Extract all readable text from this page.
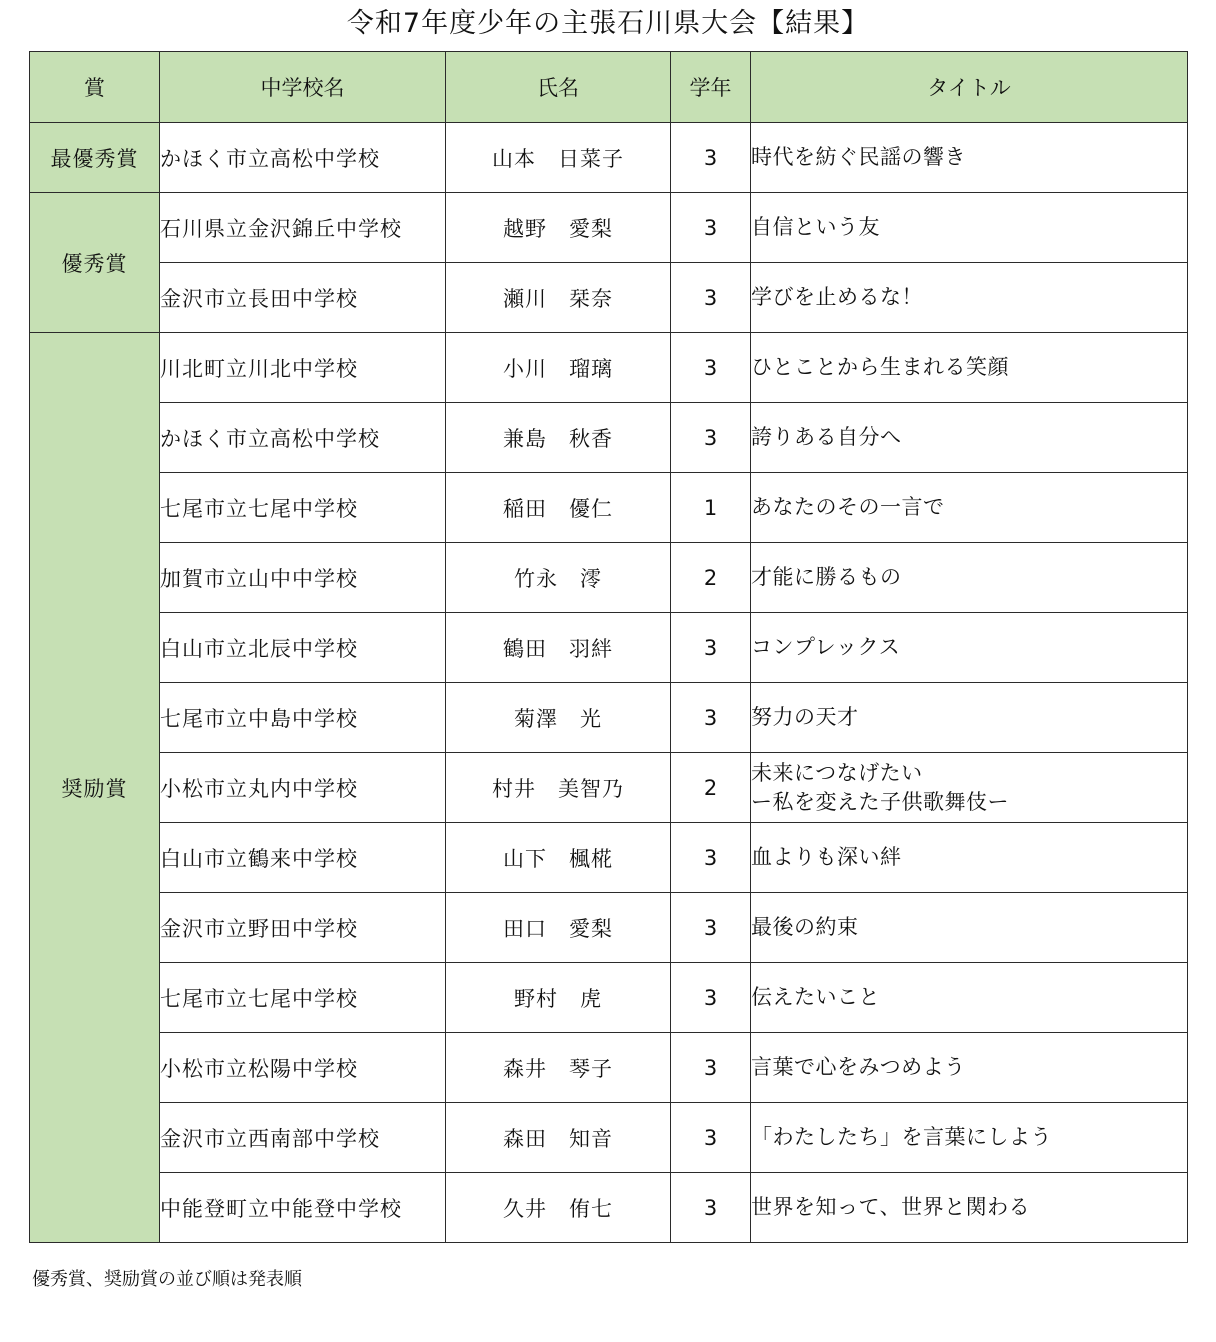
令和7年度少年の主張石川県大会【結果】
賞	中学校名	氏名	学年	タイトル
最優秀賞	かほく市立高松中学校	山本　日菜子	3	時代を紡ぐ民謡の響き

優秀賞	石川県立金沢錦丘中学校	越野　愛梨	3	自信という友

	金沢市立長田中学校	瀬川　栞奈	3	学びを止めるな！

奨励賞	川北町立川北中学校	小川　瑠璃	3	ひとことから生まれる笑顔

	かほく市立高松中学校	兼島　秋香	3	誇りある自分へ

	七尾市立七尾中学校	稲田　優仁	1	あなたのその一言で

	加賀市立山中中学校	竹永　澪	2	才能に勝るもの

	白山市立北辰中学校	鶴田　羽絆	3	コンプレックス

	七尾市立中島中学校	菊澤　光	3	努力の天才

	小松市立丸内中学校	村井　美智乃	2	未来につなげたい
ー私を変えた子供歌舞伎ー

	白山市立鶴来中学校	山下　楓椛	3	血よりも深い絆

	金沢市立野田中学校	田口　愛梨	3	最後の約束

	七尾市立七尾中学校	野村　虎	3	伝えたいこと

	小松市立松陽中学校	森井　琴子	3	言葉で心をみつめよう

	金沢市立西南部中学校	森田　知音	3	「わたしたち」を言葉にしよう

	中能登町立中能登中学校	久井　侑七	3	世界を知って、世界と関わる
優秀賞、奨励賞の並び順は発表順
